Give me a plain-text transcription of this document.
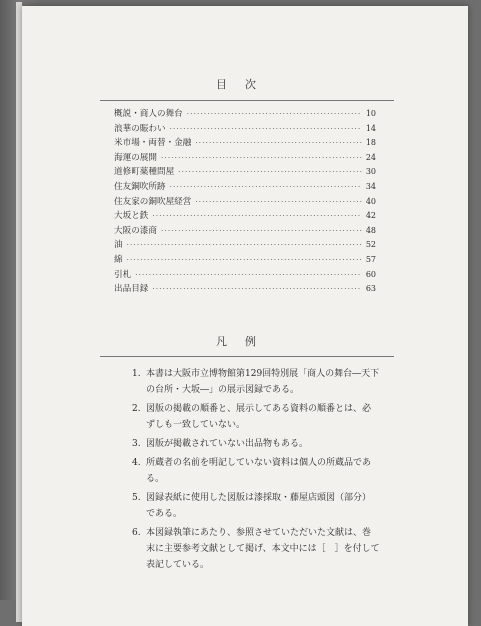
目次
概説・商人の舞台 ·····	10
浪華の賑わい ·····	14
米市場・両替・金融 ·····	18
海運の展開 ·····	24
道修町薬種問屋 ·····	30
住友銅吹所跡 ·····	34
住友家の銅吹屋経営 ·····	40
大坂と鉄 ·····	42
大阪の漆商 ·····	48
油 ·····	52
綿 ·····	57
引札 ·····	60
出品目録 ·····	63
凡例
1. 本書は大阪市立博物館第129回特別展「商人の舞台―天下
の台所・大坂―」の展示図録である。
2. 図版の掲載の順番と、展示してある資料の順番とは、必
ずしも一致していない。
3. 図版が掲載されていない出品物もある。
4. 所蔵者の名前を明記していない資料は個人の所蔵品であ
る。
5. 図録表紙に使用した図版は漆採取・藤屋店頭図（部分）
である。
6. 本図録執筆にあたり、参照させていただいた文献は、巻
末に主要参考文献として掲げ、本文中には［　］を付して
表記している。
